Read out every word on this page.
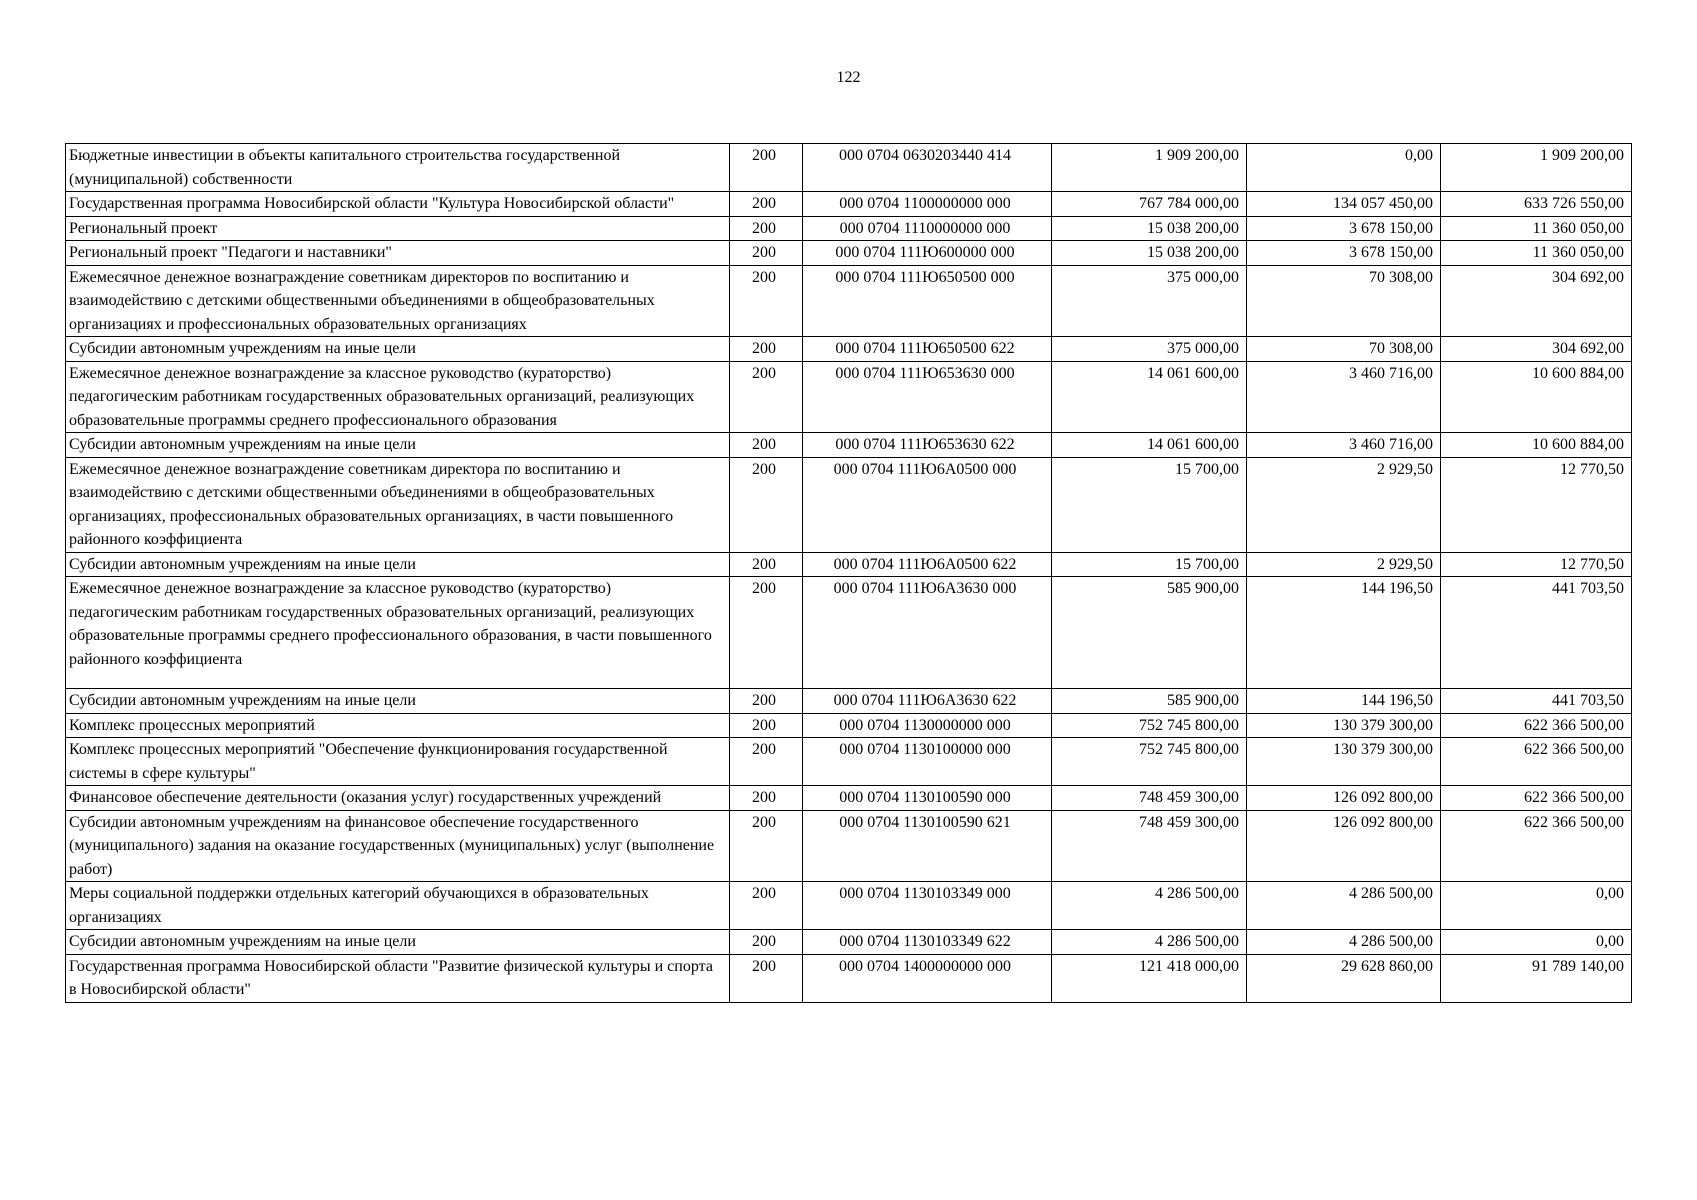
122
Бюджетные инвестиции в объекты капитального строительства государственной (муниципальной) собственности	200	000 0704 0630203440 414	1 909 200,00	0,00	1 909 200,00
Государственная программа Новосибирской области "Культура Новосибирской области"	200	000 0704 1100000000 000	767 784 000,00	134 057 450,00	633 726 550,00
Региональный проект	200	000 0704 1110000000 000	15 038 200,00	3 678 150,00	11 360 050,00
Региональный проект "Педагоги и наставники"	200	000 0704 111Ю600000 000	15 038 200,00	3 678 150,00	11 360 050,00
Ежемесячное денежное вознаграждение советникам директоров по воспитанию и взаимодействию с детскими общественными объединениями в общеобразовательных организациях и профессиональных образовательных организациях	200	000 0704 111Ю650500 000	375 000,00	70 308,00	304 692,00
Субсидии автономным учреждениям на иные цели	200	000 0704 111Ю650500 622	375 000,00	70 308,00	304 692,00
Ежемесячное денежное вознаграждение за классное руководство (кураторство) педагогическим работникам государственных образовательных организаций, реализующих образовательные программы среднего профессионального образования	200	000 0704 111Ю653630 000	14 061 600,00	3 460 716,00	10 600 884,00
Субсидии автономным учреждениям на иные цели	200	000 0704 111Ю653630 622	14 061 600,00	3 460 716,00	10 600 884,00
Ежемесячное денежное вознаграждение советникам директора по воспитанию и взаимодействию с детскими общественными объединениями в общеобразовательных организациях, профессиональных образовательных организациях, в части повышенного районного коэффициента	200	000 0704 111Ю6А0500 000	15 700,00	2 929,50	12 770,50
Субсидии автономным учреждениям на иные цели	200	000 0704 111Ю6А0500 622	15 700,00	2 929,50	12 770,50
Ежемесячное денежное вознаграждение за классное руководство (кураторство) педагогическим работникам государственных образовательных организаций, реализующих образовательные программы среднего профессионального образования, в части повышенного районного коэффициента	200	000 0704 111Ю6А3630 000	585 900,00	144 196,50	441 703,50
Субсидии автономным учреждениям на иные цели	200	000 0704 111Ю6А3630 622	585 900,00	144 196,50	441 703,50
Комплекс процессных мероприятий	200	000 0704 1130000000 000	752 745 800,00	130 379 300,00	622 366 500,00
Комплекс процессных мероприятий "Обеспечение функционирования государственной системы в сфере культуры"	200	000 0704 1130100000 000	752 745 800,00	130 379 300,00	622 366 500,00
Финансовое обеспечение деятельности (оказания услуг) государственных учреждений	200	000 0704 1130100590 000	748 459 300,00	126 092 800,00	622 366 500,00
Субсидии автономным учреждениям на финансовое обеспечение государственного (муниципального) задания на оказание государственных (муниципальных) услуг (выполнение работ)	200	000 0704 1130100590 621	748 459 300,00	126 092 800,00	622 366 500,00
Меры социальной поддержки отдельных категорий обучающихся в образовательных организациях	200	000 0704 1130103349 000	4 286 500,00	4 286 500,00	0,00
Субсидии автономным учреждениям на иные цели	200	000 0704 1130103349 622	4 286 500,00	4 286 500,00	0,00
Государственная программа Новосибирской области "Развитие физической культуры и спорта в Новосибирской области"	200	000 0704 1400000000 000	121 418 000,00	29 628 860,00	91 789 140,00
